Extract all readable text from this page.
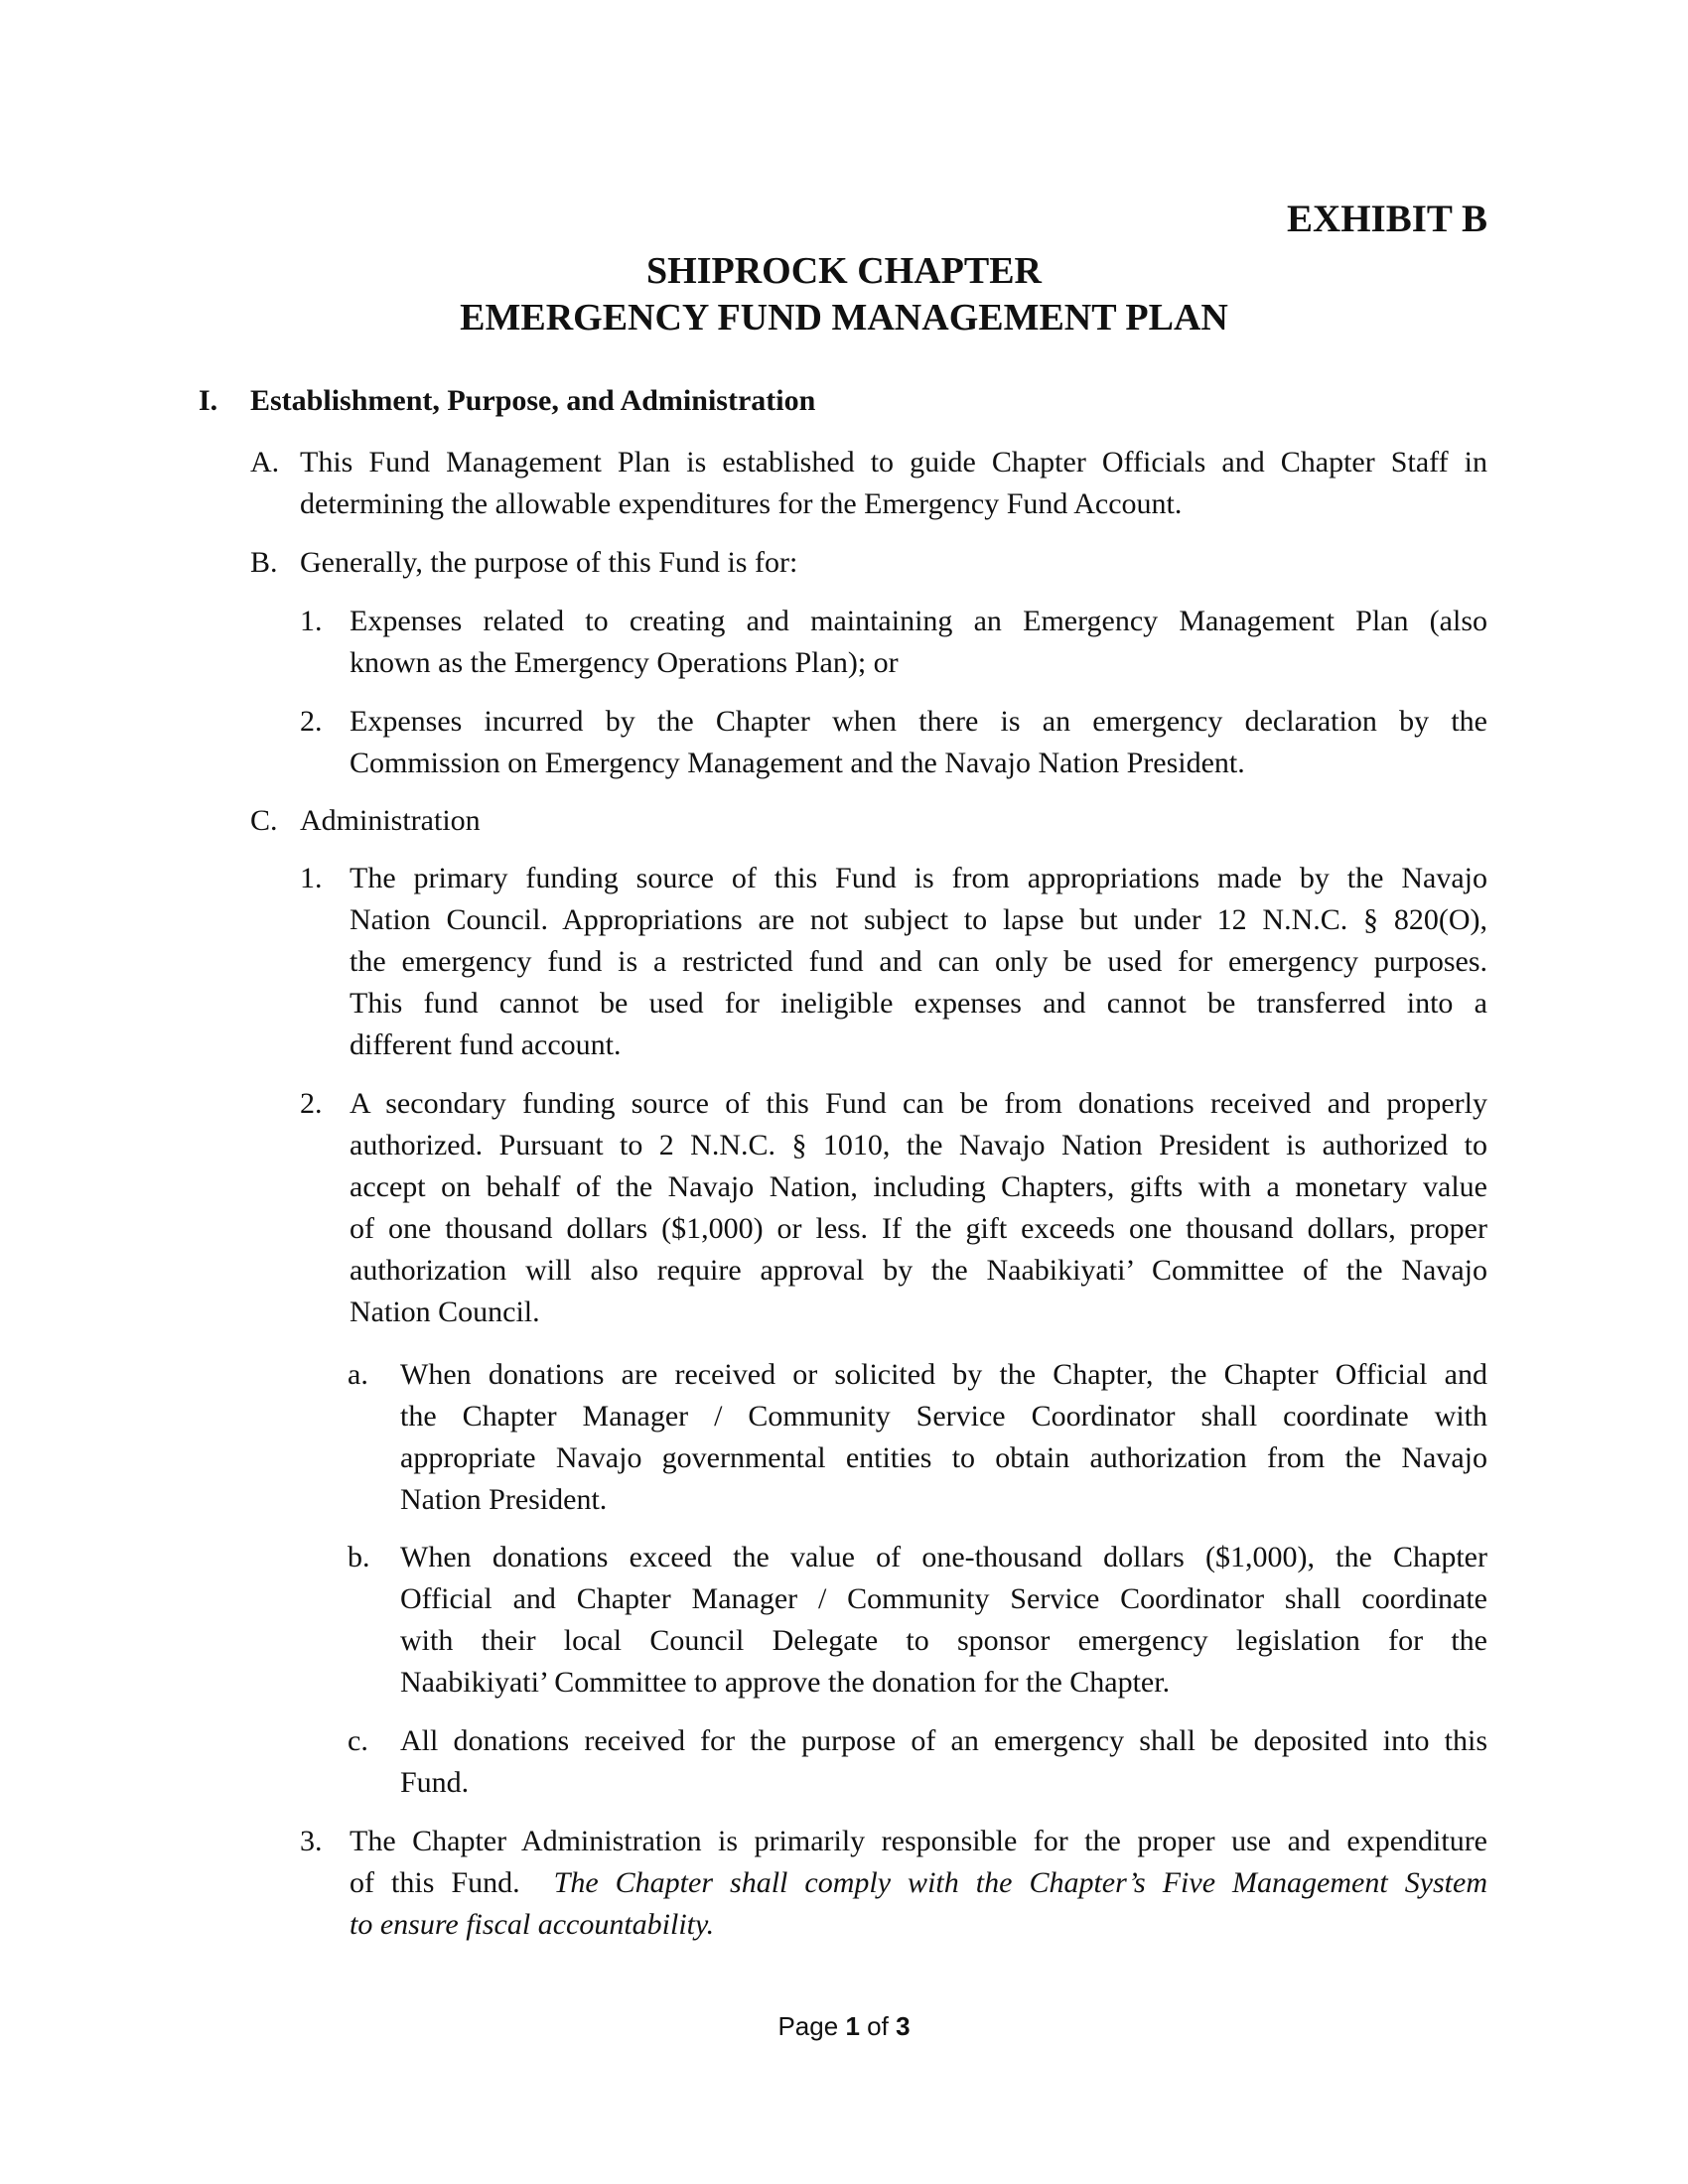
EXHIBIT B
SHIPROCK CHAPTER
EMERGENCY FUND MANAGEMENT PLAN
I. Establishment, Purpose, and Administration
A. This Fund Management Plan is established to guide Chapter Officials and Chapter Staff in
determining the allowable expenditures for the Emergency Fund Account.
B. Generally, the purpose of this Fund is for:
1. Expenses related to creating and maintaining an Emergency Management Plan (also
known as the Emergency Operations Plan); or
2. Expenses incurred by the Chapter when there is an emergency declaration by the
Commission on Emergency Management and the Navajo Nation President.
C. Administration
1. The primary funding source of this Fund is from appropriations made by the Navajo
Nation Council. Appropriations are not subject to lapse but under 12 N.N.C. § 820(O),
the emergency fund is a restricted fund and can only be used for emergency purposes.
This fund cannot be used for ineligible expenses and cannot be transferred into a
different fund account.
2. A secondary funding source of this Fund can be from donations received and properly
authorized. Pursuant to 2 N.N.C. § 1010, the Navajo Nation President is authorized to
accept on behalf of the Navajo Nation, including Chapters, gifts with a monetary value
of one thousand dollars ($1,000) or less. If the gift exceeds one thousand dollars, proper
authorization will also require approval by the Naabikiyati’ Committee of the Navajo
Nation Council.
a. When donations are received or solicited by the Chapter, the Chapter Official and
the Chapter Manager / Community Service Coordinator shall coordinate with
appropriate Navajo governmental entities to obtain authorization from the Navajo
Nation President.
b. When donations exceed the value of one-thousand dollars ($1,000), the Chapter
Official and Chapter Manager / Community Service Coordinator shall coordinate
with their local Council Delegate to sponsor emergency legislation for the
Naabikiyati’ Committee to approve the donation for the Chapter.
c. All donations received for the purpose of an emergency shall be deposited into this
Fund.
3. The Chapter Administration is primarily responsible for the proper use and expenditure
of this Fund.  The Chapter shall comply with the Chapter’s Five Management System
to ensure fiscal accountability.
Page 1 of 3
